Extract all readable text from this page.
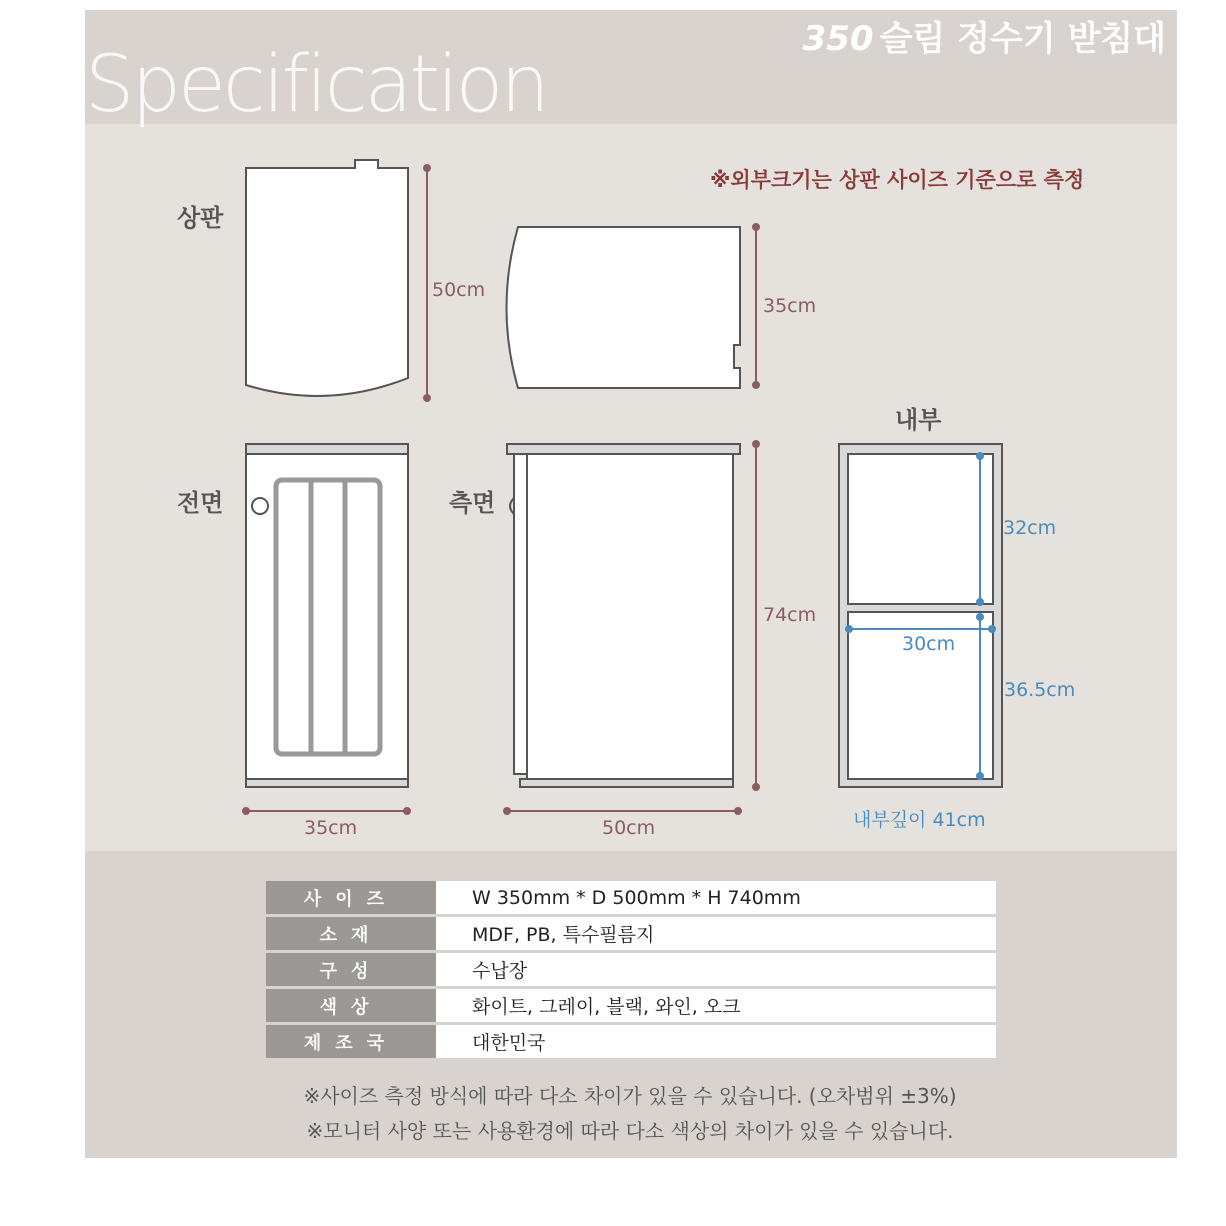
Specification
350 슬림 정수기 받침대
※외부크기는 상판 사이즈 기준으로 측정
상판
전면	측면
내부
50cm
35cm
74cm
35cm	50cm
32cm
30cm
36.5cm
내부깊이 41cm
사이즈	W 350mm * D 500mm * H 740mm
소재	MDF, PB, 특수필름지
구성	수납장
색상	화이트, 그레이, 블랙, 와인, 오크
제조국	대한민국
※사이즈 측정 방식에 따라 다소 차이가 있을 수 있습니다. (오차범위 ±3%)
※모니터 사양 또는 사용환경에 따라 다소 색상의 차이가 있을 수 있습니다.
